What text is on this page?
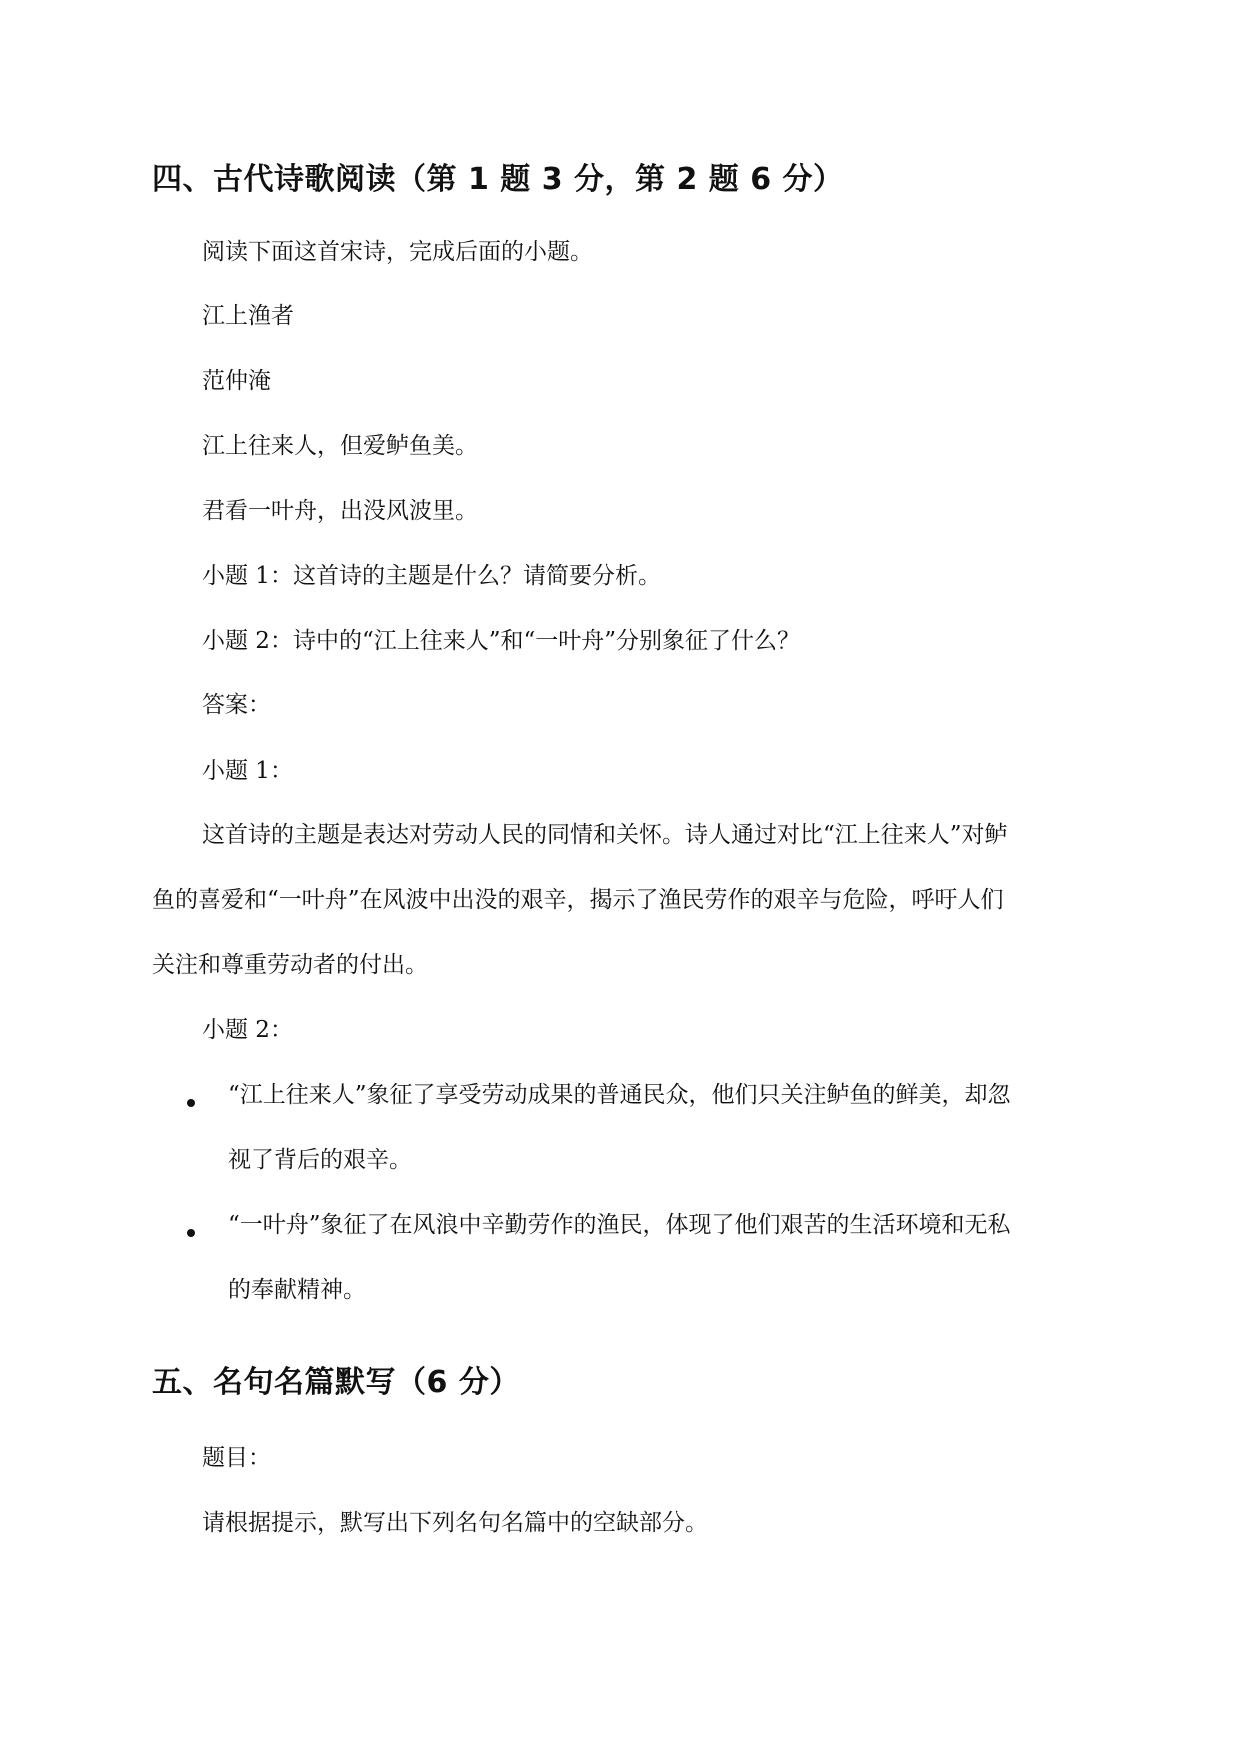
四、古代诗歌阅读（第 1 题 3 分，第 2 题 6 分）
阅读下面这首宋诗，完成后面的小题。
江上渔者
范仲淹
江上往来人，但爱鲈鱼美。
君看一叶舟，出没风波里。
小题 1：这首诗的主题是什么？请简要分析。
小题 2：诗中的“江上往来人”和“一叶舟”分别象征了什么？
答案：
小题 1：
这首诗的主题是表达对劳动人民的同情和关怀。诗人通过对比“江上往来人”对鲈
鱼的喜爱和“一叶舟”在风波中出没的艰辛，揭示了渔民劳作的艰辛与危险，呼吁人们
关注和尊重劳动者的付出。
小题 2：
“江上往来人”象征了享受劳动成果的普通民众，他们只关注鲈鱼的鲜美，却忽
视了背后的艰辛。
“一叶舟”象征了在风浪中辛勤劳作的渔民，体现了他们艰苦的生活环境和无私
的奉献精神。
五、名句名篇默写（6 分）
题目：
请根据提示，默写出下列名句名篇中的空缺部分。
